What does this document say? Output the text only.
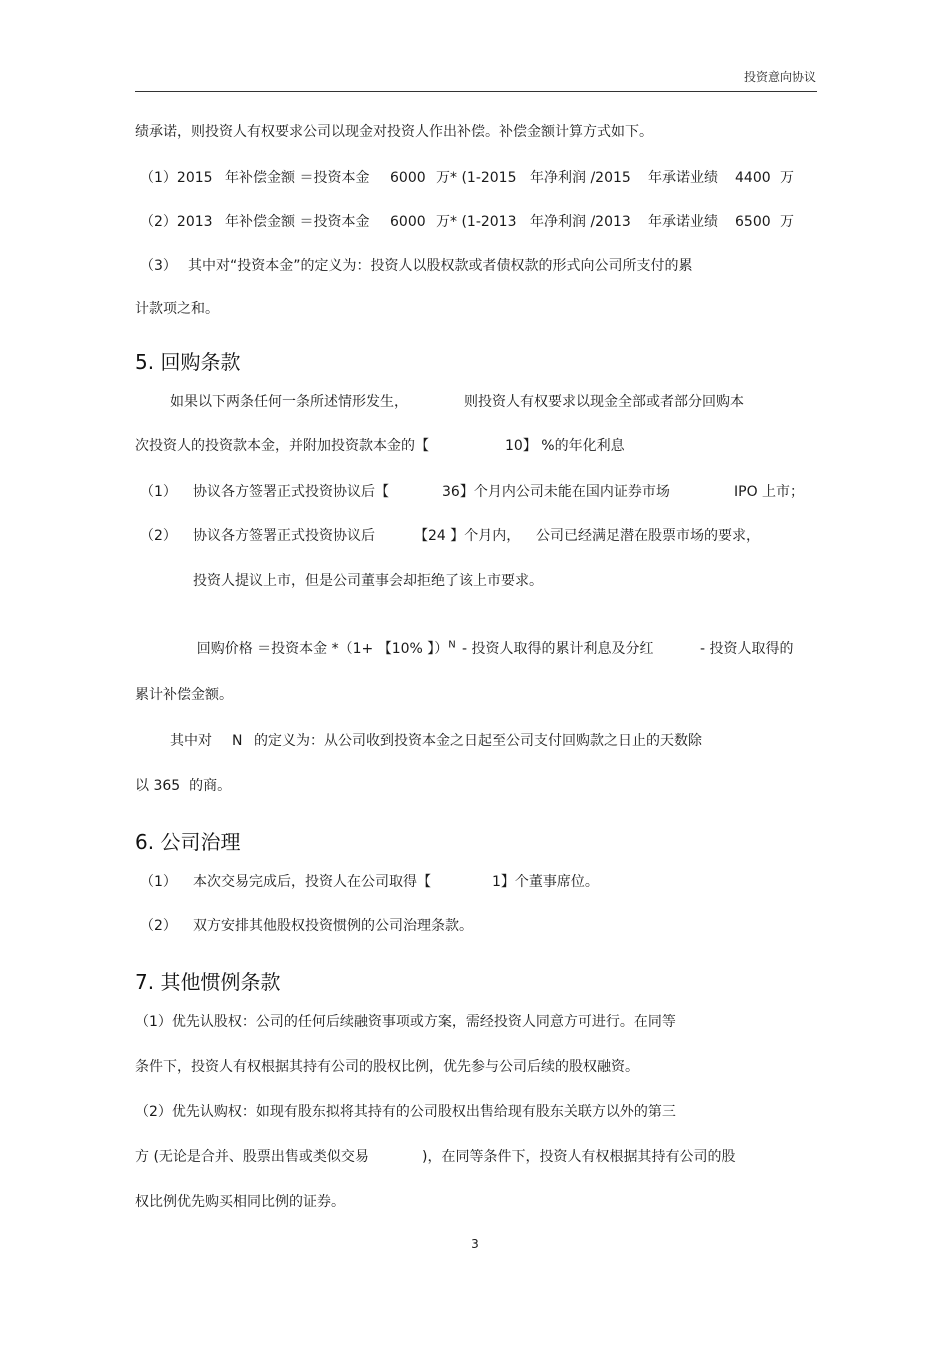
投资意向协议
绩承诺，则投资人有权要求公司以现金对投资人作出补偿。补偿金额计算方式如下。
（1）2015 年补偿金额 ＝投资本金 6000 万* (1-2015 年净利润 /2015 年承诺业绩 4400 万
（2）2013 年补偿金额 ＝投资本金 6000 万* (1-2013 年净利润 /2013 年承诺业绩 6500 万
（3） 其中对“投资本金”的定义为：投资人以股权款或者债权款的形式向公司所支付的累
计款项之和。
5. 回购条款
如果以下两条任何一条所述情形发生，	则投资人有权要求以现金全部或者部分回购本
次投资人的投资款本金，并附加投资款本金的【	10】 %的年化利息
（1） 协议各方签署正式投资协议后【	36】个月内公司未能在国内证券市场	IPO 上市；
（2） 协议各方签署正式投资协议后	【24 】个月内， 公司已经满足潜在股票市场的要求，
投资人提议上市，但是公司董事会却拒绝了该上市要求。

回购价格 ＝投资本金 *（1+ 【10% 】）$^N$
- 投资人取得的累计利息及分红	- 投资人取得的
累计补偿金额。
其中对 N 的定义为：从公司收到投资本金之日起至公司支付回购款之日止的天数除
以 365  的商。
6. 公司治理
（1） 本次交易完成后，投资人在公司取得【	1】个董事席位。
（2） 双方安排其他股权投资惯例的公司治理条款。
7. 其他惯例条款
（1）优先认股权：公司的任何后续融资事项或方案，需经投资人同意方可进行。在同等
条件下，投资人有权根据其持有公司的股权比例，优先参与公司后续的股权融资。
（2）优先认购权：如现有股东拟将其持有的公司股权出售给现有股东关联方以外的第三
方 (无论是合并、股票出售或类似交易	)，在同等条件下，投资人有权根据其持有公司的股
权比例优先购买相同比例的证券。
3
